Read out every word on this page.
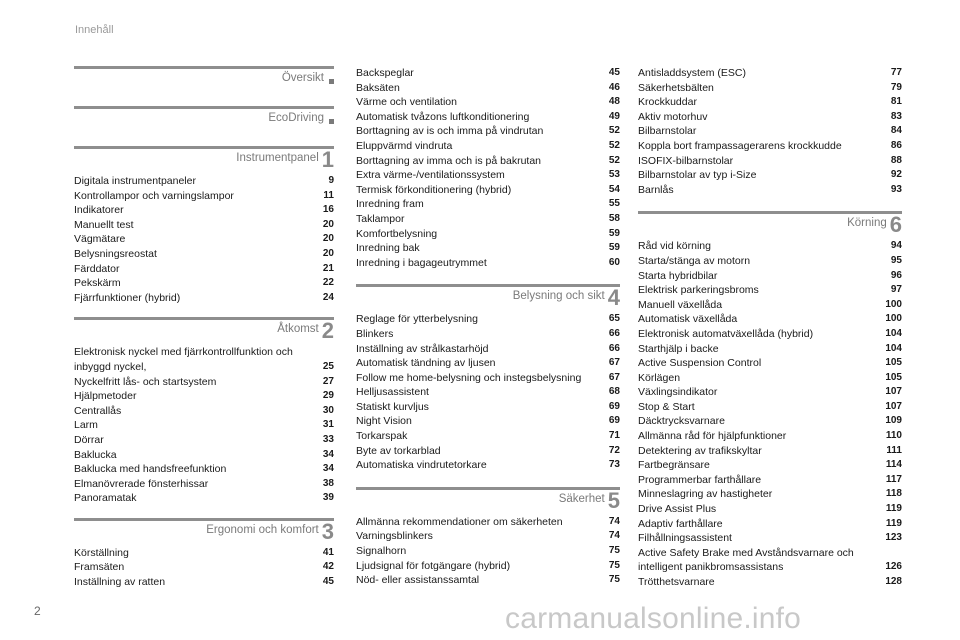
Innehåll
$^{Översikt}$
$^{EcoDriving}$
$^{Instrumentpanel}$ 1
Digitala instrumentpaneler	9
Kontrollampor och varningslampor	11
Indikatorer	16
Manuellt test	20
Vägmätare	20
Belysningsreostat	20
Färddator	21
Pekskärm	22
Fjärrfunktioner (hybrid)	24
$^{Åtkomst}$ 2
Elektronisk nyckel med fjärrkontrollfunktion och
inbyggd nyckel,	25
Nyckelfritt lås- och startsystem	27
Hjälpmetoder	29
Centrallås	30
Larm	31
Dörrar	33
Baklucka	34
Baklucka med handsfreefunktion	34
Elmanövrerade fönsterhissar	38
Panoramatak	39
$^{Ergonomi och komfort}$ 3
Körställning	41
Framsäten	42
Inställning av ratten	45
Backspeglar	45
Baksäten	46
Värme och ventilation	48
Automatisk tvåzons luftkonditionering	49
Borttagning av is och imma på vindrutan	52
Eluppvärmd vindruta	52
Borttagning av imma och is på bakrutan	52
Extra värme-/ventilationssystem	53
Termisk förkonditionering (hybrid)	54
Inredning fram	55
Taklampor	58
Komfortbelysning	59
Inredning bak	59
Inredning i bagageutrymmet	60
$^{Belysning och sikt}$ 4
Reglage för ytterbelysning	65
Blinkers	66
Inställning av strålkastarhöjd	66
Automatisk tändning av ljusen	67
Follow me home-belysning och instegsbelysning	67
Helljusassistent	68
Statiskt kurvljus	69
Night Vision	69
Torkarspak	71
Byte av torkarblad	72
Automatiska vindrutetorkare	73
$^{Säkerhet}$ 5
Allmänna rekommendationer om säkerheten	74
Varningsblinkers	74
Signalhorn	75
Ljudsignal för fotgängare (hybrid)	75
Nöd- eller assistanssamtal	75
Antisladdsystem (ESC)	77
Säkerhetsbälten	79
Krockkuddar	81
Aktiv motorhuv	83
Bilbarnstolar	84
Koppla bort frampassagerarens krockkudde	86
ISOFIX-bilbarnstolar	88
Bilbarnstolar av typ i-Size	92
Barnlås	93
$^{Körning}$ 6
Råd vid körning	94
Starta/stänga av motorn	95
Starta hybridbilar	96
Elektrisk parkeringsbroms	97
Manuell växellåda	100
Automatisk växellåda	100
Elektronisk automatväxellåda (hybrid)	104
Starthjälp i backe	104
Active Suspension Control	105
Körlägen	105
Växlingsindikator	107
Stop & Start	107
Däcktrycksvarnare	109
Allmänna råd för hjälpfunktioner	110
Detektering av trafikskyltar	111
Fartbegränsare	114
Programmerbar farthållare	117
Minneslagring av hastigheter	118
Drive Assist Plus	119
Adaptiv farthållare	119
Filhållningsassistent	123
Active Safety Brake med Avståndsvarnare och
intelligent panikbromsassistans	126
Trötthetsvarnare	128
2	carmanualsonline.info
